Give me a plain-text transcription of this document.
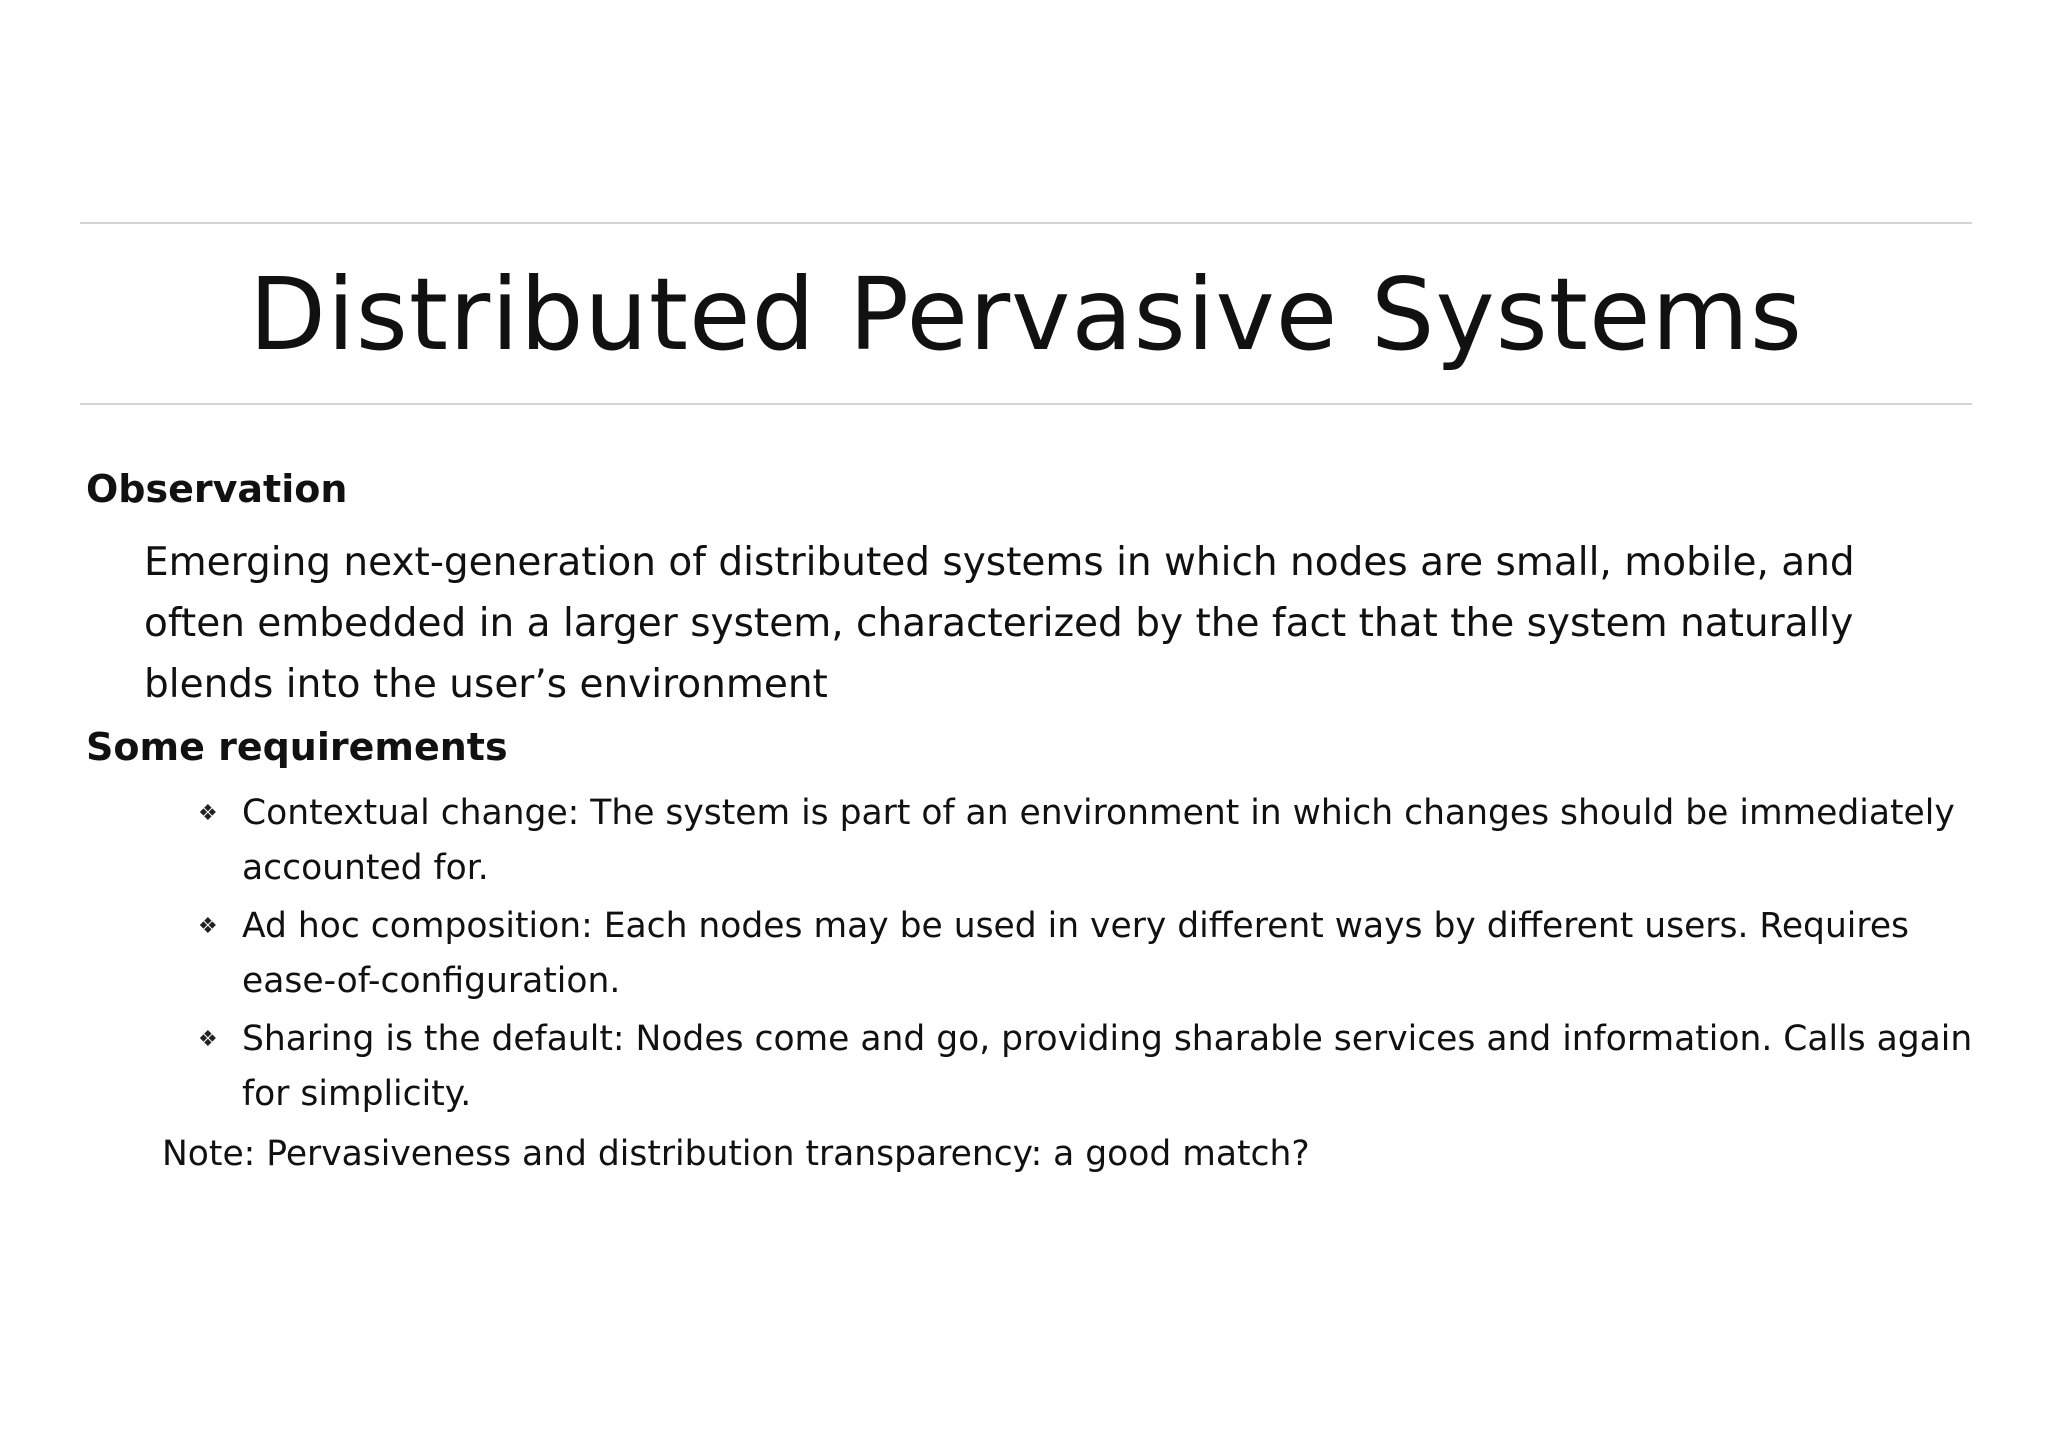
Distributed Pervasive Systems
Observation

Emerging next-generation of distributed systems in which nodes are small, mobile, and often embedded in a larger system, characterized by the fact that the system naturally blends into the user’s environment

Some requirements
❖ Contextual change: The system is part of an environment in which changes should be immediately accounted for.
❖ Ad hoc composition: Each nodes may be used in very different ways by different users. Requires ease-of-configuration.
❖ Sharing is the default: Nodes come and go, providing sharable services and information. Calls again for simplicity.

Note: Pervasiveness and distribution transparency: a good match?
